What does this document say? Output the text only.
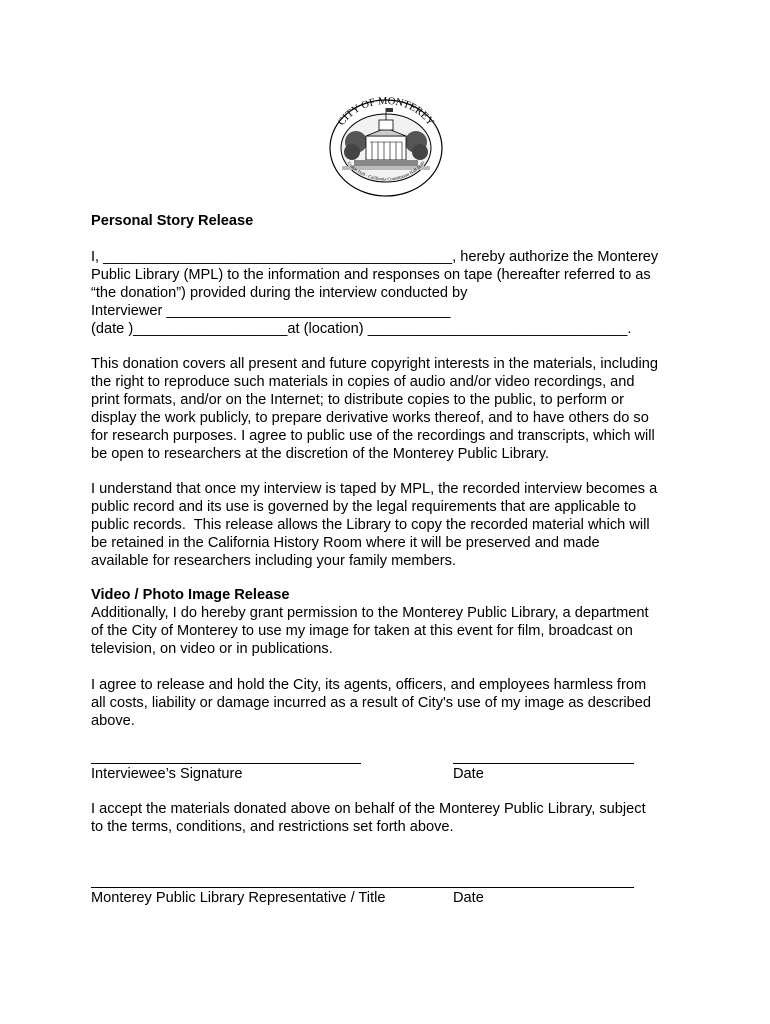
CITY OF MONTEREY
Colton Hall · California Constitution Hall 1849
Personal Story Release
I, ___________________________________________, hereby authorize the Monterey
Public Library (MPL) to the information and responses on tape (hereafter referred to as
“the donation”) provided during the interview conducted by
Interviewer ___________________________________
(date )___________________at (location) ________________________________.
This donation covers all present and future copyright interests in the materials, including
the right to reproduce such materials in copies of audio and/or video recordings, and
print formats, and/or on the Internet; to distribute copies to the public, to perform or
display the work publicly, to prepare derivative works thereof, and to have others do so
for research purposes. I agree to public use of the recordings and transcripts, which will
be open to researchers at the discretion of the Monterey Public Library.
I understand that once my interview is taped by MPL, the recorded interview becomes a
public record and its use is governed by the legal requirements that are applicable to
public records.  This release allows the Library to copy the recorded material which will
be retained in the California History Room where it will be preserved and made
available for researchers including your family members.
Video / Photo Image Release
Additionally, I do hereby grant permission to the Monterey Public Library, a department
of the City of Monterey to use my image for taken at this event for film, broadcast on
television, on video or in publications.
I agree to release and hold the City, its agents, officers, and employees harmless from
all costs, liability or damage incurred as a result of City's use of my image as described
above.
Interviewee’s Signature	Date
I accept the materials donated above on behalf of the Monterey Public Library, subject
to the terms, conditions, and restrictions set forth above.
Monterey Public Library Representative / Title	Date
